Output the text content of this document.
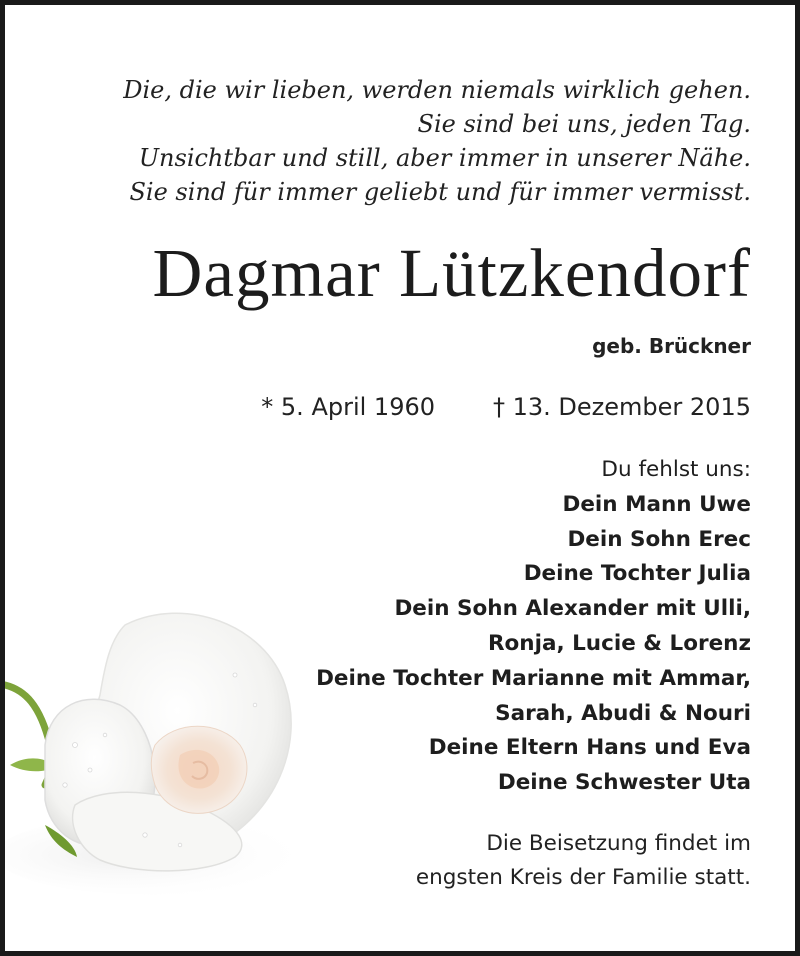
Die, die wir lieben, werden niemals wirklich gehen.
Sie sind bei uns, jeden Tag.
Unsichtbar und still, aber immer in unserer Nähe.
Sie sind für immer geliebt und für immer vermisst.
Dagmar Lützkendorf
geb. Brückner
* 5. April 1960 † 13. Dezember 2015
Du fehlst uns:
Dein Mann Uwe
Dein Sohn Erec
Deine Tochter Julia
Dein Sohn Alexander mit Ulli,
Ronja, Lucie & Lorenz
Deine Tochter Marianne mit Ammar,
Sarah, Abudi & Nouri
Deine Eltern Hans und Eva
Deine Schwester Uta
Die Beisetzung findet im
engsten Kreis der Familie statt.
